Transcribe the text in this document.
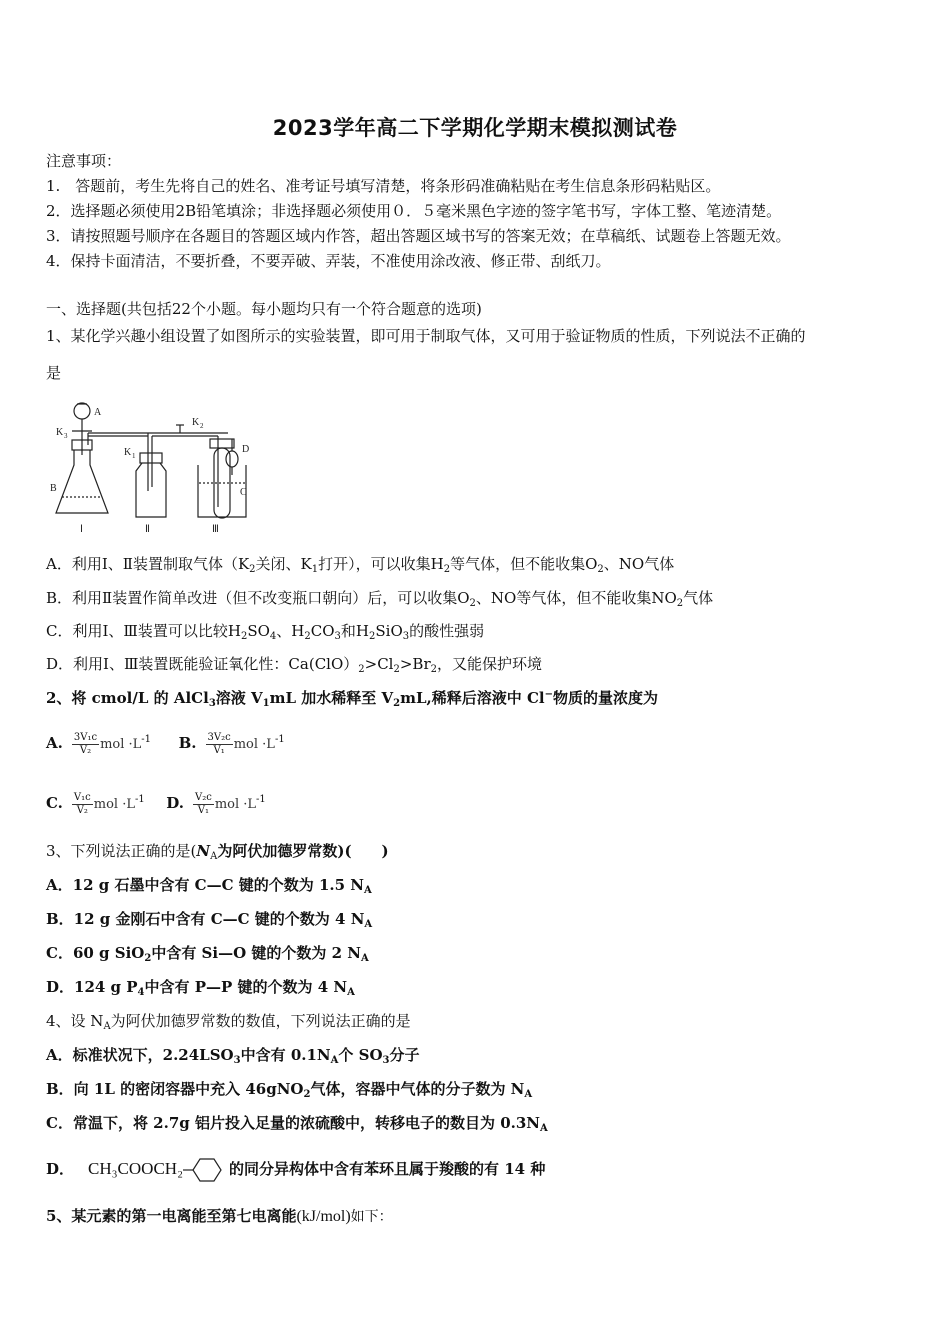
2023学年高二下学期化学期末模拟测试卷
注意事项：
1.　答题前，考生先将自己的姓名、准考证号填写清楚，将条形码准确粘贴在考生信息条形码粘贴区。
2．选择题必须使用2B铅笔填涂；非选择题必须使用０．５毫米黑色字迹的签字笔书写，字体工整、笔迹清楚。
3．请按照题号顺序在各题目的答题区域内作答，超出答题区域书写的答案无效；在草稿纸、试题卷上答题无效。
4．保持卡面清洁，不要折叠，不要弄破、弄装，不准使用涂改液、修正带、刮纸刀。
一、选择题(共包括22个小题。每小题均只有一个符合题意的选项)
1、某化学兴趣小组设置了如图所示的实验装置，即可用于制取气体，又可用于验证物质的性质，下列说法不正确的
是
A
K 3
B
K 1
K 2
D
C
Ⅰ	Ⅱ	Ⅲ
A．利用Ⅰ、Ⅱ装置制取气体（$K_2$关闭、$K_1$打开），可以收集$H_2$等气体，但不能收集$O_2$、NO气体
B．利用Ⅱ装置作简单改进（但不改变瓶口朝向）后，可以收集$O_2$、NO等气体，但不能收集$NO_2$气体
C．利用Ⅰ、Ⅲ装置可以比较$H_2SO_4$、$H_2CO_3$和$H_2SiO_3$的酸性强弱
D．利用Ⅰ、Ⅲ装置既能验证氧化性：$Ca(ClO)_2>Cl_2>Br_2$，又能保护环境
2、将 cmol/L 的 AlCl$_3$溶液 $V_1mL$ 加水稀释至 $V_2mL$,稀释后溶液中 Cl−物质的量浓度为
A. $\frac{\text{3V₁c}}{\text{V₂}}$ mol $\cdot L^{-1}$ B. $\frac{\text{3V₂c}}{\text{V₁}}$ mol $\cdot L^{-1}$
C. $\frac{\text{V₁c}}{\text{V₂}}$ mol $\cdot L^{-1}$ D. $\frac{\text{V₂c}}{\text{V₁}}$ mol $\cdot L^{-1}$
3、下列说法正确的是($N_A$为阿伏加德罗常数)(　　)
A．12 g 石墨中含有 C—C 键的个数为 1.5 $N_A$
B．12 g 金刚石中含有 C—C 键的个数为 4 $N_A$
C．60 g SiO$_2$中含有 Si—O 键的个数为 2 $N_A$
D．124 g $P_4$中含有 P—P 键的个数为 4 $N_A$
4、设 $N_A$为阿伏加德罗常数的数值，下列说法正确的是
A．标准状况下，$2.24LSO_3$中含有 $0.1N_A$个 $SO_3$分子
B．向 1L 的密闭容器中充入 46gNO$_2$气体，容器中气体的分子数为 $N_A$
C．常温下，将 2.7g 铝片投入足量的浓硫酸中，转移电子的数目为 $0.3N_A$
D． CH₃COOCH₂	的同分异构体中含有苯环且属于羧酸的有 14 种
5、某元素的第一电离能至第七电离能(kJ/mol)如下：
